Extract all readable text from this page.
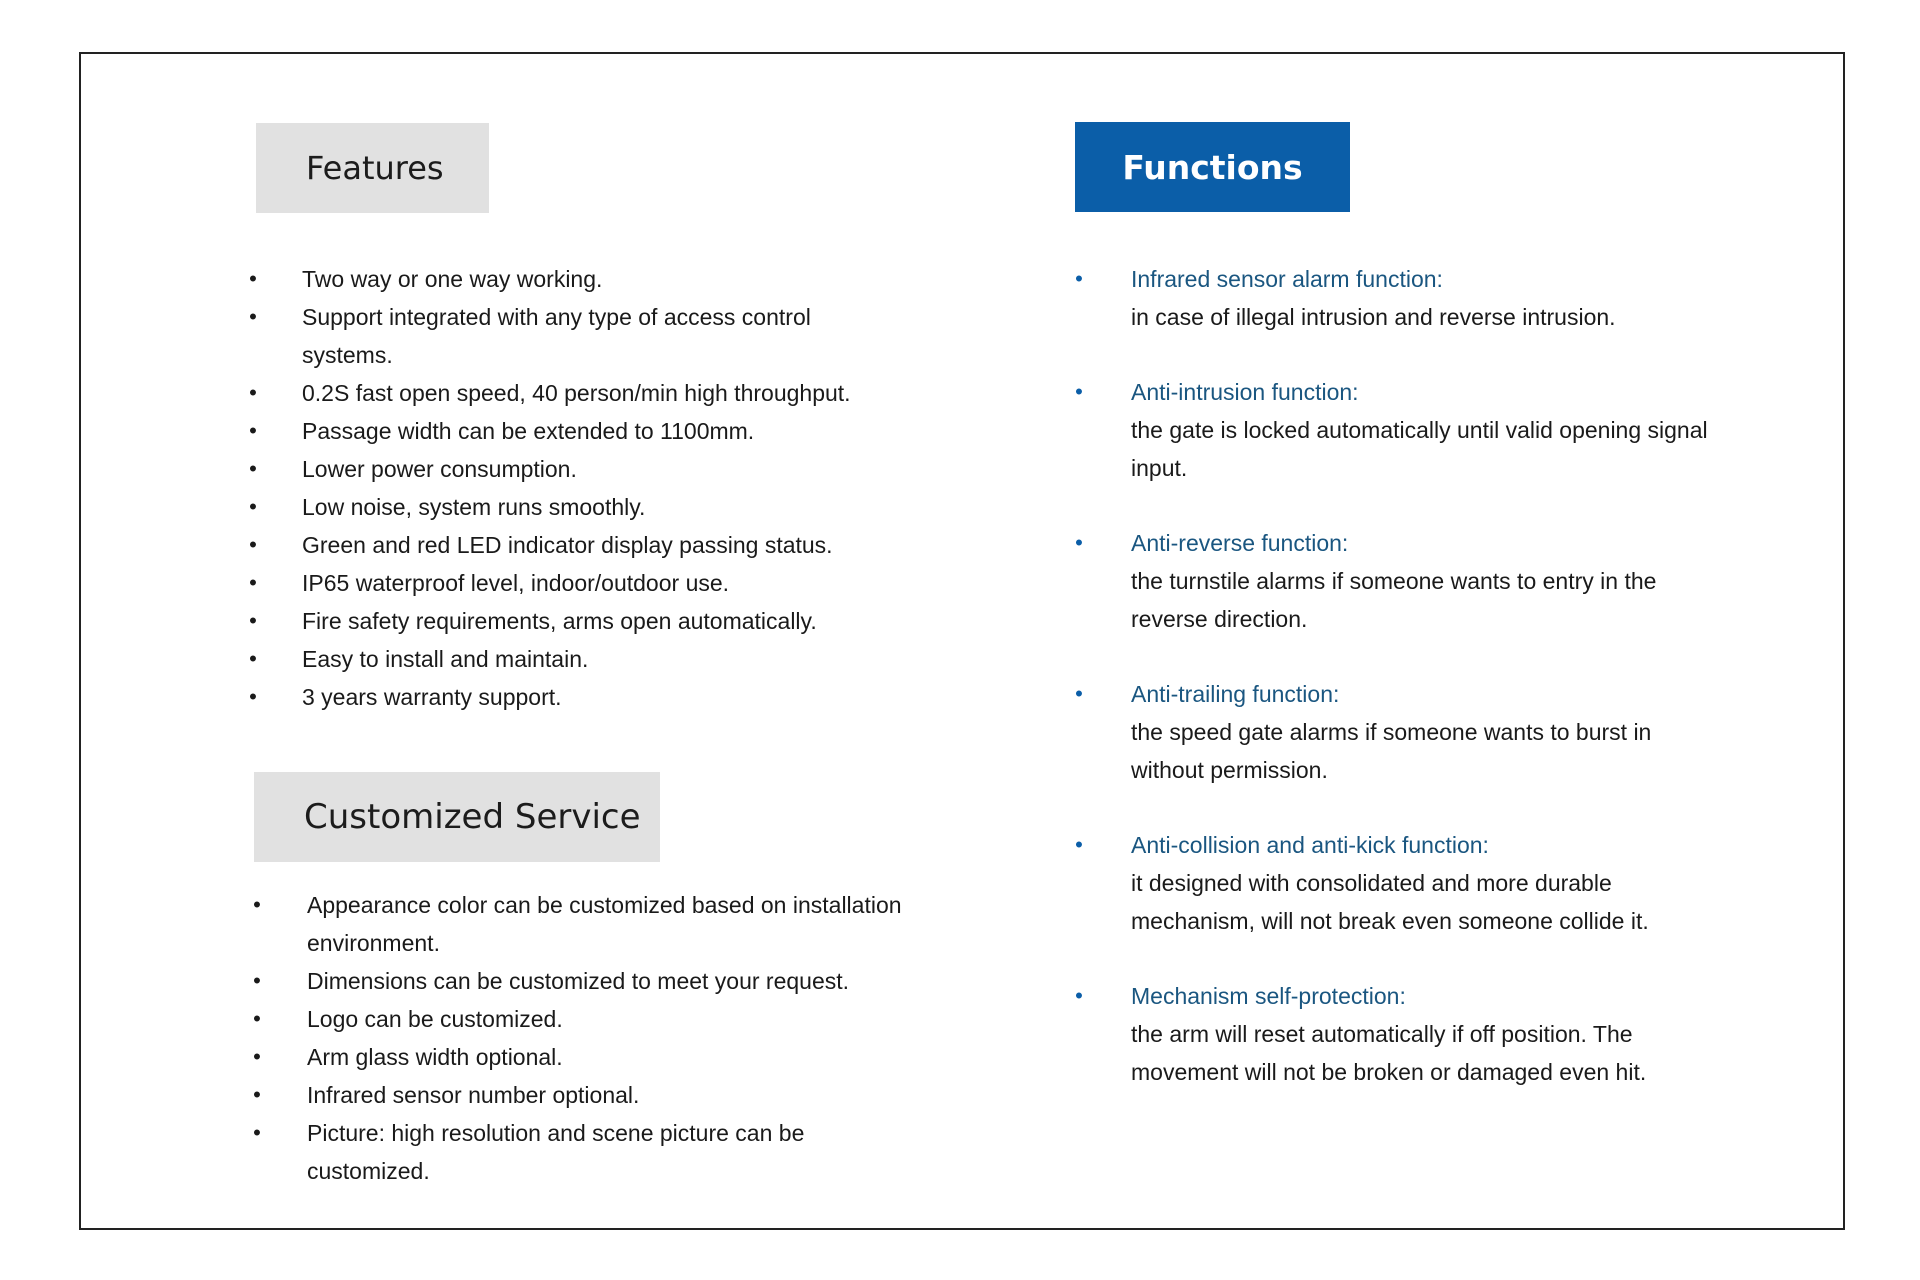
Features
• Two way or one way working.
• Support integrated with any type of access control systems.
• 0.2S fast open speed, 40 person/min high throughput.
• Passage width can be extended to 1100mm.
• Lower power consumption.
• Low noise, system runs smoothly.
• Green and red LED indicator display passing status.
• IP65 waterproof level, indoor/outdoor use.
• Fire safety requirements, arms open automatically.
• Easy to install and maintain.
• 3 years warranty support.
Customized Service
• Appearance color can be customized based on installation environment.
• Dimensions can be customized to meet your request.
• Logo can be customized.
• Arm glass width optional.
• Infrared sensor number optional.
• Picture: high resolution and scene picture can be customized.
Functions
• Infrared sensor alarm function:
in case of illegal intrusion and reverse intrusion.
• Anti-intrusion function:
the gate is locked automatically until valid opening signal input.
• Anti-reverse function:
the turnstile alarms if someone wants to entry in the reverse direction.
• Anti-trailing function:
the speed gate alarms if someone wants to burst in without permission.
• Anti-collision and anti-kick function:
it designed with consolidated and more durable mechanism, will not break even someone collide it.
• Mechanism self-protection:
the arm will reset automatically if off position. The movement will not be broken or damaged even hit.
